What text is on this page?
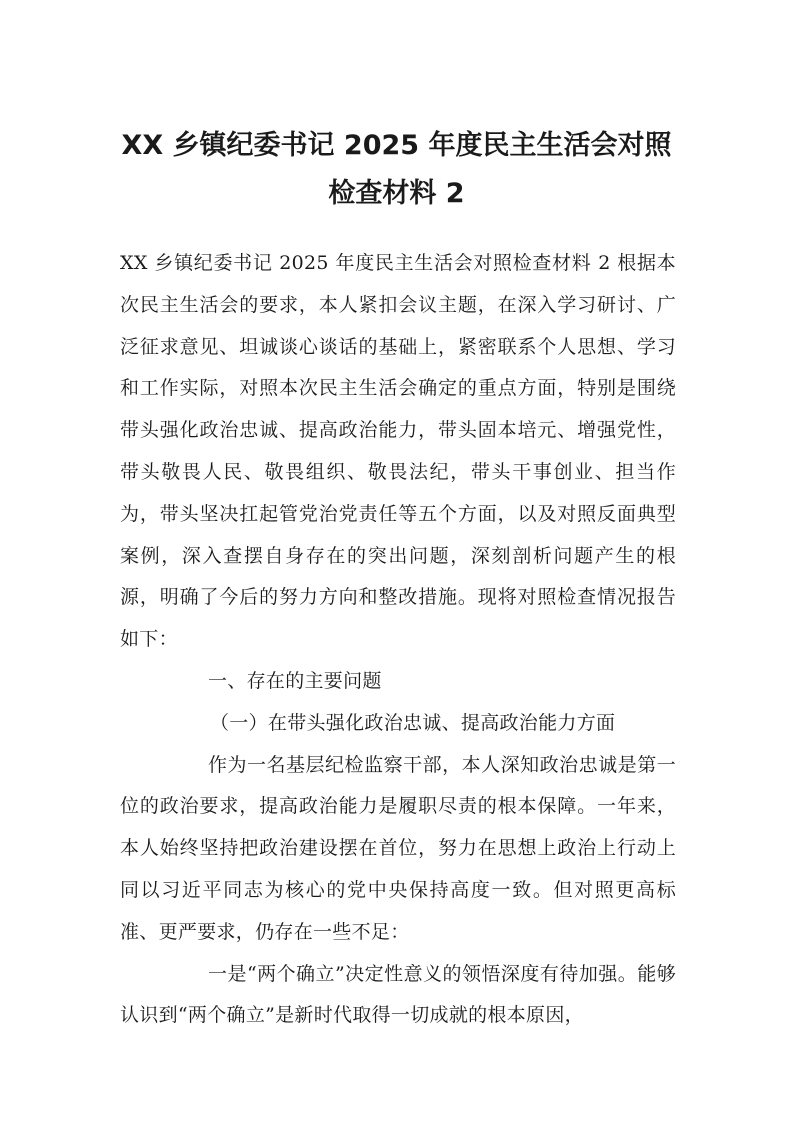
XX 乡镇纪委书记 2025 年度民主生活会对照
检查材料 2

XX 乡镇纪委书记 2025 年度民主生活会对照检查材料 2 根据本次民主生活会的要求，本人紧扣会议主题，在深入学习研讨、广泛征求意见、坦诚谈心谈话的基础上，紧密联系个人思想、学习和工作实际，对照本次民主生活会确定的重点方面，特别是围绕带头强化政治忠诚、提高政治能力，带头固本培元、增强党性，带头敬畏人民、敬畏组织、敬畏法纪，带头干事创业、担当作为，带头坚决扛起管党治党责任等五个方面，以及对照反面典型案例，深入查摆自身存在的突出问题，深刻剖析问题产生的根源，明确了今后的努力方向和整改措施。现将对照检查情况报告如下：

一、存在的主要问题

（一）在带头强化政治忠诚、提高政治能力方面

作为一名基层纪检监察干部，本人深知政治忠诚是第一位的政治要求，提高政治能力是履职尽责的根本保障。一年来，本人始终坚持把政治建设摆在首位，努力在思想上政治上行动上同以习近平同志为核心的党中央保持高度一致。但对照更高标准、更严要求，仍存在一些不足：

一是“两个确立”决定性意义的领悟深度有待加强。能够认识到“两个确立”是新时代取得一切成就的根本原因，
